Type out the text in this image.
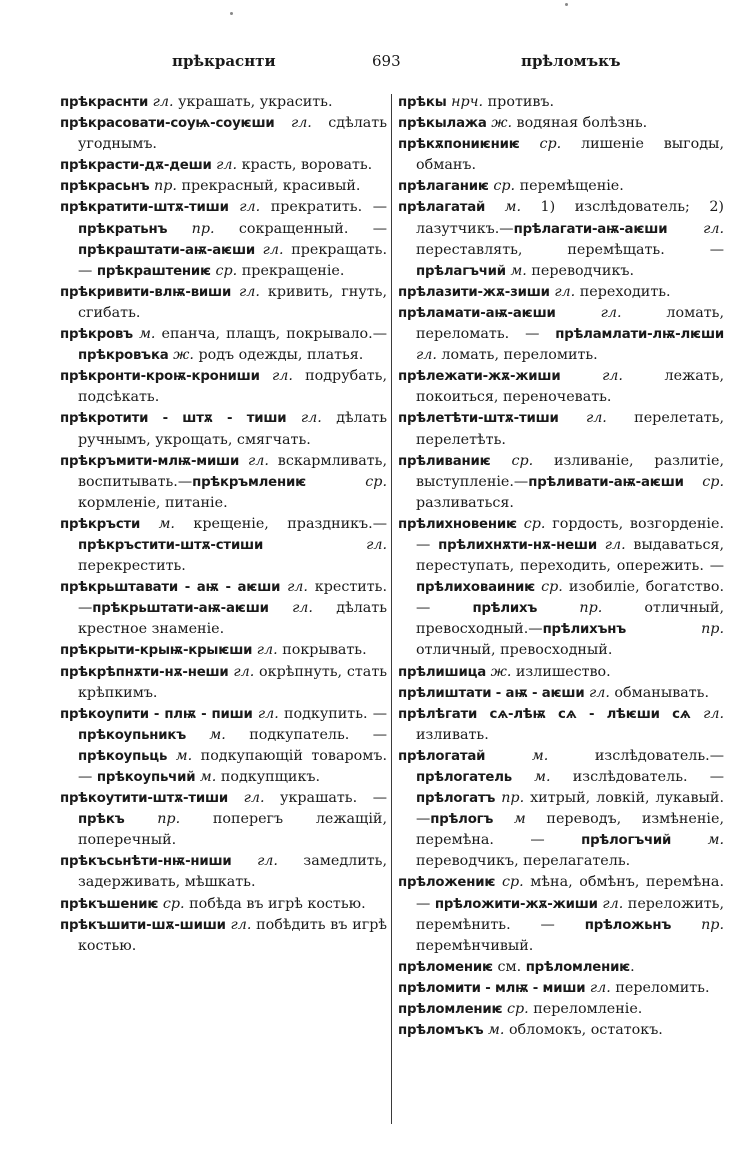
прѣкраснти	693	прѣломъкъ
прѣкраснти гл. украшать, украсить.
прѣкрасовати-соуѩ-соуѥши гл. сдѣлать угоднымъ.
прѣкрасти-дѫ-деши гл. красть, воровать.
прѣкрасьнъ пр. прекрасный, красивый.
прѣкратити-штѫ-тиши гл. прекратить. — прѣкратьнъ пр. сокращенный. — прѣкраштати-аѭ-аѥши гл. прекращать. — прѣкраштениѥ ср. прекращеніе.
прѣкривити-влѭ-виши гл. кривить, гнуть, сгибать.
прѣкровъ м. епанча, плащъ, покрывало.—прѣкровъка ж. родъ одежды, платья.
прѣкронти-кроѭ-крониши гл. подрубать, подсѣкать.
прѣкротити - штѫ - тиши гл. дѣлать ручнымъ, укрощать, смягчать.
прѣкръмити-млѭ-миши гл. вскармливать, воспитывать.—прѣкръмлениѥ	ср. кормленіе, питаніе.
прѣкръсти м. крещеніе, праздникъ.— прѣкръстити-штѫ-стиши	гл. перекрестить.
прѣкрьштавати - аѭ - аѥши гл. крестить.—прѣкрьштати-аѭ-аѥши гл. дѣлать крестное знаменіе.
прѣкрыти-крыѭ-крыѥши гл. покрывать.
прѣкрѣпнѫти-нѫ-неши гл. окрѣпнуть, стать крѣпкимъ.
прѣкоупити - плѭ - пиши гл. подкупить. — прѣкоупьникъ м. подкупатель. — прѣкоупьць м. подкупающій товаромъ. — прѣкоупьчий м. подкупщикъ.
прѣкоутити-штѫ-тиши гл. украшать. —прѣкъ пр. поперегъ лежащій, поперечный.
прѣкъсьнѣти-нѭ-ниши гл. замедлить, задерживать, мѣшкать.
прѣкъшениѥ ср. побѣда въ игрѣ костью.
прѣкъшити-шѫ-шиши гл. побѣдить въ игрѣ костью.
прѣкы нрч. противъ.
прѣкылажа ж. водяная болѣзнь.
прѣкѫпониѥниѥ ср. лишеніе выгоды, обманъ.
прѣлаганиѥ ср. перемѣщеніе.
прѣлагатай м. 1) изслѣдователь; 2) лазутчикъ.—прѣлагати-аѭ-аѥши	гл. переставлять, перемѣщать. — прѣлагъчий м. переводчикъ.
прѣлазити-жѫ-зиши гл. переходить.
прѣламати-аѭ-аѥши	гл. ломать, переломать. — прѣламлати-лѭ-лѥши гл. ломать, переломить.
прѣлежати-жѫ-жиши	гл. лежать, покоиться, переночевать.
прѣлетѣти-штѫ-тиши гл. перелетать, перелетѣть.
прѣливаниѥ ср. изливаніе, разлитіе, выступленіе.—прѣливати-аѭ-аѥши ср. разливаться.
прѣлихновениѥ ср. гордость, возгорденіе. — прѣлихнѫти-нѫ-неши гл. выдаваться, переступать, переходить, опережить. —прѣлиховаиниѥ ср. изобиліе, богатство. — прѣлихъ	пр. отличный, превосходный.—прѣлихънъ	пр. отличный, превосходный.
прѣлишица ж. излишество.
прѣлиштати - аѭ - аѥши гл. обманывать.
прѣлѣгати сѧ-лѣѭ сѧ - лѣѥши сѧ гл. изливать.
прѣлогатай	м. изслѣдователь.—прѣлогатель м. изслѣдователь. — прѣлогатъ пр. хитрый, ловкій, лукавый. —прѣлогъ м переводъ, измѣненіе, перемѣна. — прѣлогъчий	м. переводчикъ, перелагатель.
прѣложениѥ ср. мѣна, обмѣнъ, перемѣна. — прѣложити-жѫ-жиши гл. переложить, перемѣнить. — прѣложьнъ пр. перемѣнчивый.
прѣломениѥ см. прѣломлениѥ.
прѣломити - млѭ - миши гл. переломить.
прѣломлениѥ ср. переломленіе.
прѣломъкъ м. обломокъ, остатокъ.
